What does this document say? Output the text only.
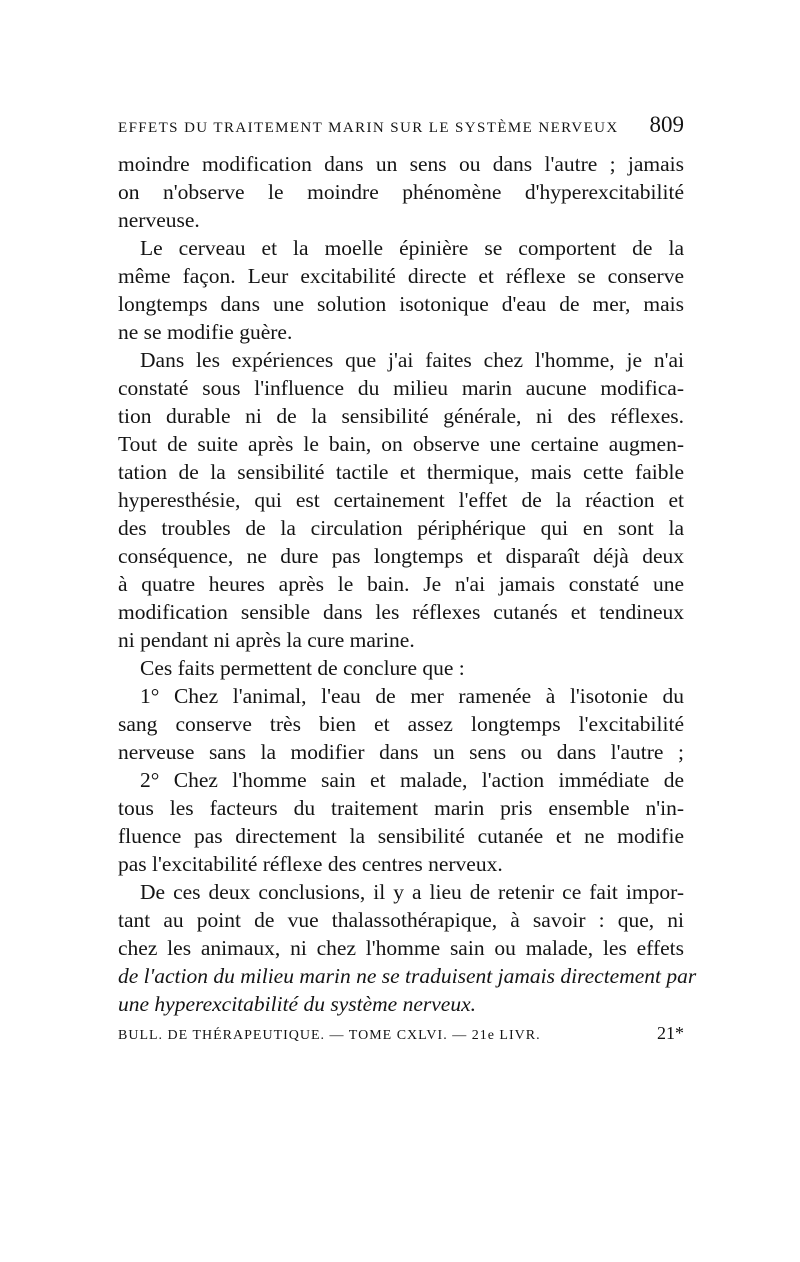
EFFETS DU TRAITEMENT MARIN SUR LE SYSTÈME NERVEUX 809
moindre modification dans un sens ou dans l'autre ; jamais
on n'observe le moindre phénomène d'hyperexcitabilité
nerveuse.
Le cerveau et la moelle épinière se comportent de la
même façon. Leur excitabilité directe et réflexe se conserve
longtemps dans une solution isotonique d'eau de mer, mais
ne se modifie guère.
Dans les expériences que j'ai faites chez l'homme, je n'ai
constaté sous l'influence du milieu marin aucune modifica-
tion durable ni de la sensibilité générale, ni des réflexes.
Tout de suite après le bain, on observe une certaine augmen-
tation de la sensibilité tactile et thermique, mais cette faible
hyperesthésie, qui est certainement l'effet de la réaction et
des troubles de la circulation périphérique qui en sont la
conséquence, ne dure pas longtemps et disparaît déjà deux
à quatre heures après le bain. Je n'ai jamais constaté une
modification sensible dans les réflexes cutanés et tendineux
ni pendant ni après la cure marine.
Ces faits permettent de conclure que :
1° Chez l'animal, l'eau de mer ramenée à l'isotonie du
sang conserve très bien et assez longtemps l'excitabilité
nerveuse sans la modifier dans un sens ou dans l'autre ;
2° Chez l'homme sain et malade, l'action immédiate de
tous les facteurs du traitement marin pris ensemble n'in-
fluence pas directement la sensibilité cutanée et ne modifie
pas l'excitabilité réflexe des centres nerveux.
De ces deux conclusions, il y a lieu de retenir ce fait impor-
tant au point de vue thalassothérapique, à savoir : que, ni
chez les animaux, ni chez l'homme sain ou malade, les effets
de l'action du milieu marin ne se traduisent jamais directement par
une hyperexcitabilité du système nerveux.
BULL. DE THÉRAPEUTIQUE. — TOME CXLVI. — 21e LIVR.	21*
